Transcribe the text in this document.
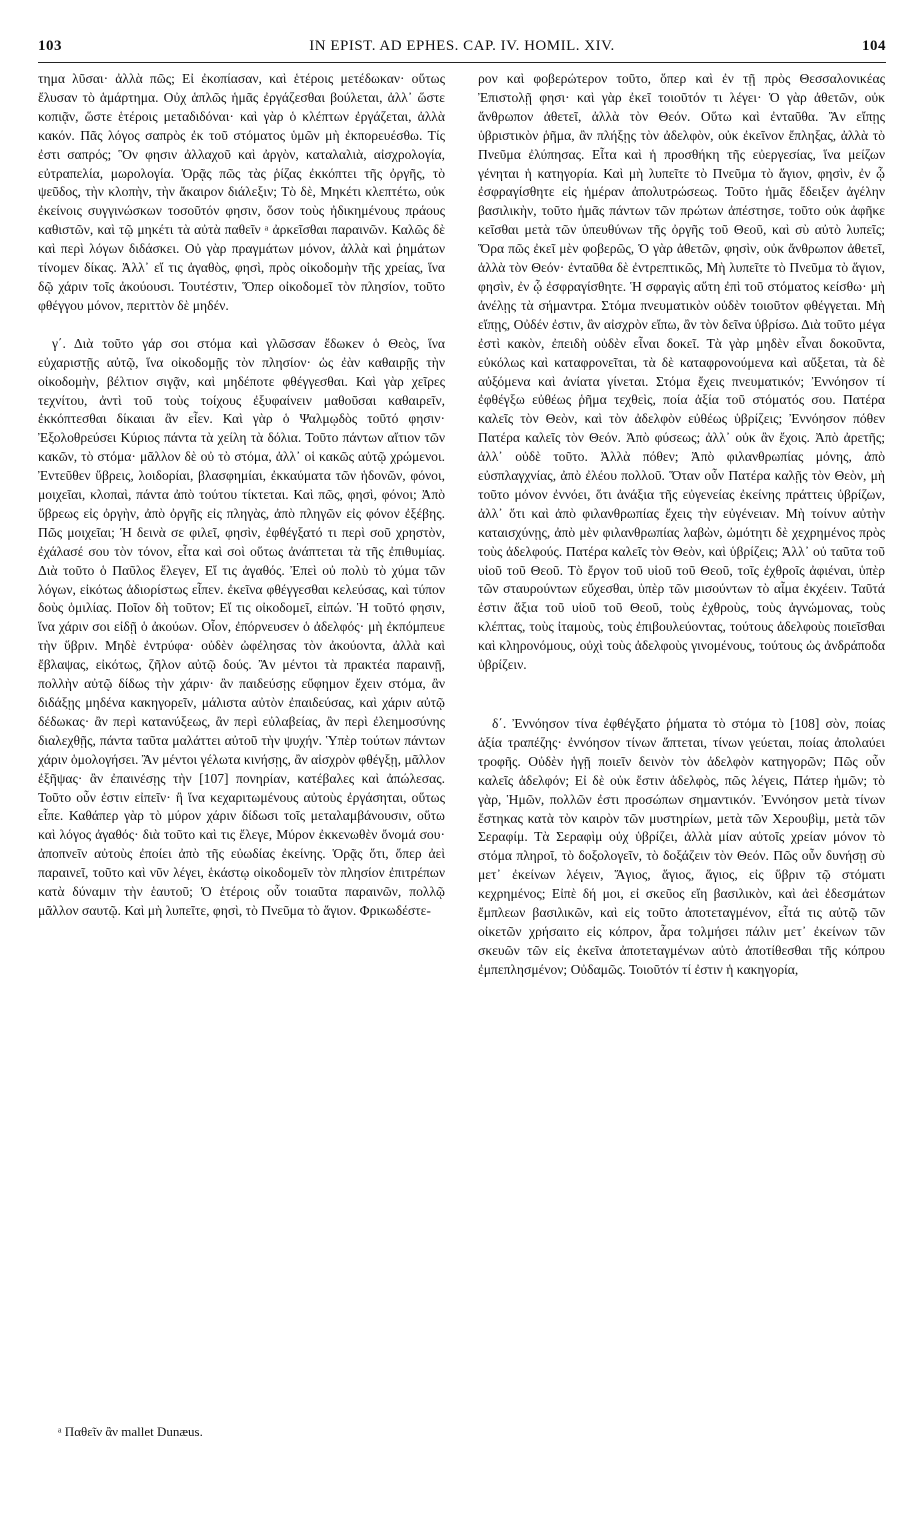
103	IN EPIST. AD EPHES. CAP. IV. HOMIL. XIV.	104

τημα λῦσαι· ἀλλὰ πῶς; Εἰ ἐκοπίασαν, καὶ ἑτέροις μετέδωκαν· οὕτως ἔλυσαν τὸ ἁμάρτημα. Οὐχ ἁπλῶς ἡμᾶς ἐργάζεσθαι βούλεται, ἀλλ᾽ ὥστε κοπιᾷν, ὥστε ἑτέροις μεταδιδόναι· καὶ γὰρ ὁ κλέπτων ἐργάζεται, ἀλλὰ κακόν. Πᾶς λόγος σαπρὸς ἐκ τοῦ στόματος ὑμῶν μὴ ἐκπορευέσθω. Τίς ἐστι σαπρός; Ὃν φησιν ἀλλαχοῦ καὶ ἀργὸν, καταλαλιὰ, αἰσχρολογία, εὐτραπελία, μωρολογία. Ὁρᾷς πῶς τὰς ῥίζας ἐκκόπτει τῆς ὀργῆς, τὸ ψεῦδος, τὴν κλοπὴν, τὴν ἄκαιρον διάλεξιν; Τὸ δὲ, Μηκέτι κλεπτέτω, οὐκ ἐκείνοις συγγινώσκων τοσοῦτόν φησιν, ὅσον τοὺς ἠδικημένους πράους καθιστῶν, καὶ τῷ μηκέτι τὰ αὐτὰ παθεῖν ᵃ ἀρκεῖσθαι παραινῶν. Καλῶς δὲ καὶ περὶ λόγων διδάσκει. Οὐ γὰρ πραγμάτων μόνον, ἀλλὰ καὶ ῥημάτων τίνομεν δίκας. Ἀλλ᾽ εἴ τις ἀγαθὸς, φησὶ, πρὸς οἰκοδομὴν τῆς χρείας, ἵνα δῷ χάριν τοῖς ἀκούουσι. Τουτέστιν, Ὅπερ οἰκοδομεῖ τὸν πλησίον, τοῦτο φθέγγου μόνον, περιττὸν δὲ μηδέν.

γ΄. Διὰ τοῦτο γάρ σοι στόμα καὶ γλῶσσαν ἔδωκεν ὁ Θεὸς, ἵνα εὐχαριστῇς αὐτῷ, ἵνα οἰκοδομῇς τὸν πλησίον· ὡς ἐὰν καθαιρῇς τὴν οἰκοδομὴν, βέλτιον σιγᾷν, καὶ μηδέποτε φθέγγεσθαι. Καὶ γὰρ χεῖρες τεχνίτου, ἀντὶ τοῦ τοὺς τοίχους ἐξυφαίνειν μαθοῦσαι καθαιρεῖν, ἐκκόπτεσθαι δίκαιαι ἂν εἶεν. Καὶ γὰρ ὁ Ψαλμῳδὸς τοῦτό φησιν· Ἐξολοθρεύσει Κύριος πάντα τὰ χείλη τὰ δόλια. Τοῦτο πάντων αἴτιον τῶν κακῶν, τὸ στόμα· μᾶλλον δὲ οὐ τὸ στόμα, ἀλλ᾽ οἱ κακῶς αὐτῷ χρώμενοι. Ἐντεῦθεν ὕβρεις, λοιδορίαι, βλασφημίαι, ἐκκαύματα τῶν ἡδονῶν, φόνοι, μοιχεῖαι, κλοπαὶ, πάντα ἀπὸ τούτου τίκτεται. Καὶ πῶς, φησὶ, φόνοι; Ἀπὸ ὕβρεως εἰς ὀργὴν, ἀπὸ ὀργῆς εἰς πληγὰς, ἀπὸ πληγῶν εἰς φόνον ἐξέβης. Πῶς μοιχεῖαι; Ἡ δεινὰ σε φιλεῖ, φησὶν, ἐφθέγξατό τι περὶ σοῦ χρηστὸν, ἐχάλασέ σου τὸν τόνον, εἶτα καὶ σοὶ οὕτως ἀνάπτεται τὰ τῆς ἐπιθυμίας. Διὰ τοῦτο ὁ Παῦλος ἔλεγεν, Εἴ τις ἀγαθός. Ἐπεὶ οὐ πολὺ τὸ χύμα τῶν λόγων, εἰκότως ἀδιορίστως εἶπεν. ἐκεῖνα φθέγγεσθαι κελεύσας, καὶ τύπον δοὺς ὁμιλίας. Ποῖον δὴ τοῦτον; Εἴ τις οἰκοδομεῖ, εἰπών. Ἡ τοῦτό φησιν, ἵνα χάριν σοι εἰδῇ ὁ ἀκούων. Οἷον, ἐπόρνευσεν ὁ ἀδελφός· μὴ ἐκπόμπευε τὴν ὕβριν. Μηδὲ ἐντρύφα· οὐδὲν ὠφέλησας τὸν ἀκούοντα, ἀλλὰ καὶ ἔβλαψας, εἰκότως, ζῆλον αὐτῷ δούς. Ἂν μέντοι τὰ πρακτέα παραινῇ, πολλὴν αὐτῷ δίδως τὴν χάριν· ἂν παιδεύσῃς εὔφημον ἔχειν στόμα, ἂν διδάξῃς μηδένα κακηγορεῖν, μάλιστα αὐτὸν ἐπαιδεύσας, καὶ χάριν αὐτῷ δέδωκας· ἂν περὶ κατανύξεως, ἂν περὶ εὐλαβείας, ἂν περὶ ἐλεημοσύνης διαλεχθῇς, πάντα ταῦτα μαλάττει αὐτοῦ τὴν ψυχήν. Ὑπὲρ τούτων πάντων χάριν ὁμολογήσει. Ἂν μέντοι γέλωτα κινήσῃς, ἂν αἰσχρὸν φθέγξῃ, μᾶλλον ἐξῆψας· ἂν ἐπαινέσῃς τὴν [107] πονηρίαν, κατέβαλες καὶ ἀπώλεσας. Τοῦτο οὖν ἐστιν εἰπεῖν· ἢ ἵνα κεχαριτωμένους αὐτοὺς ἐργάσηται, οὕτως εἶπε. Καθάπερ γὰρ τὸ μύρον χάριν δίδωσι τοῖς μεταλαμβάνουσιν, οὕτω καὶ λόγος ἀγαθός· διὰ τοῦτο καὶ τις ἔλεγε, Μύρον ἐκκενωθὲν ὄνομά σου· ἀποπνεῖν αὐτοὺς ἐποίει ἀπὸ τῆς εὐωδίας ἐκείνης. Ὁρᾷς ὅτι, ὅπερ ἀεὶ παραινεῖ, τοῦτο καὶ νῦν λέγει, ἑκάστῳ οἰκοδομεῖν τὸν πλησίον ἐπιτρέπων κατὰ δύναμιν τὴν ἑαυτοῦ; Ὁ ἑτέροις οὖν τοιαῦτα παραινῶν, πολλῷ μᾶλλον σαυτῷ. Καὶ μὴ λυπεῖτε, φησὶ, τὸ Πνεῦμα τὸ ἅγιον. Φρικωδέστε-

ρον καὶ φοβερώτερον τοῦτο, ὅπερ καὶ ἐν τῇ πρὸς Θεσσαλονικέας Ἐπιστολῇ φησι· καὶ γὰρ ἐκεῖ τοιοῦτόν τι λέγει· Ὁ γὰρ ἀθετῶν, οὐκ ἄνθρωπον ἀθετεῖ, ἀλλὰ τὸν Θεόν. Οὕτω καὶ ἐνταῦθα. Ἂν εἴπῃς ὑβριστικὸν ῥῆμα, ἂν πλήξῃς τὸν ἀδελφὸν, οὐκ ἐκεῖνον ἔπληξας, ἀλλὰ τὸ Πνεῦμα ἐλύπησας. Εἶτα καὶ ἡ προσθήκη τῆς εὐεργεσίας, ἵνα μείζων γένηται ἡ κατηγορία. Καὶ μὴ λυπεῖτε τὸ Πνεῦμα τὸ ἅγιον, φησὶν, ἐν ᾧ ἐσφραγίσθητε εἰς ἡμέραν ἀπολυτρώσεως. Τοῦτο ἡμᾶς ἔδειξεν ἀγέλην βασιλικὴν, τοῦτο ἡμᾶς πάντων τῶν πρώτων ἀπέστησε, τοῦτο οὐκ ἀφῆκε κεῖσθαι μετὰ τῶν ὑπευθύνων τῆς ὀργῆς τοῦ Θεοῦ, καὶ σὺ αὐτὸ λυπεῖς; Ὅρα πῶς ἐκεῖ μὲν φοβερῶς, Ὁ γὰρ ἀθετῶν, φησὶν, οὐκ ἄνθρωπον ἀθετεῖ, ἀλλὰ τὸν Θεόν· ἐνταῦθα δὲ ἐντρεπτικῶς, Μὴ λυπεῖτε τὸ Πνεῦμα τὸ ἅγιον, φησὶν, ἐν ᾧ ἐσφραγίσθητε. Ἡ σφραγὶς αὕτη ἐπὶ τοῦ στόματος κείσθω· μὴ ἀνέλῃς τὰ σήμαντρα. Στόμα πνευματικὸν οὐδὲν τοιοῦτον φθέγγεται. Μὴ εἴπῃς, Οὐδέν ἐστιν, ἂν αἰσχρὸν εἴπω, ἂν τὸν δεῖνα ὑβρίσω. Διὰ τοῦτο μέγα ἐστὶ κακὸν, ἐπειδὴ οὐδὲν εἶναι δοκεῖ. Τὰ γὰρ μηδὲν εἶναι δοκοῦντα, εὐκόλως καὶ καταφρονεῖται, τὰ δὲ καταφρονούμενα καὶ αὔξεται, τὰ δὲ αὐξόμενα καὶ ἀνίατα γίνεται. Στόμα ἔχεις πνευματικόν; Ἐννόησον τί ἐφθέγξω εὐθέως ῥῆμα τεχθεὶς, ποία ἀξία τοῦ στόματός σου. Πατέρα καλεῖς τὸν Θεὸν, καὶ τὸν ἀδελφὸν εὐθέως ὑβρίζεις; Ἐννόησον πόθεν Πατέρα καλεῖς τὸν Θεόν. Ἀπὸ φύσεως; ἀλλ᾽ οὐκ ἂν ἔχοις. Ἀπὸ ἀρετῆς; ἀλλ᾽ οὐδὲ τοῦτο. Ἀλλὰ πόθεν; Ἀπὸ φιλανθρωπίας μόνης, ἀπὸ εὐσπλαγχνίας, ἀπὸ ἐλέου πολλοῦ. Ὅταν οὖν Πατέρα καλῇς τὸν Θεὸν, μὴ τοῦτο μόνον ἐννόει, ὅτι ἀνάξια τῆς εὐγενείας ἐκείνης πράττεις ὑβρίζων, ἀλλ᾽ ὅτι καὶ ἀπὸ φιλανθρωπίας ἔχεις τὴν εὐγένειαν. Μὴ τοίνυν αὐτὴν καταισχύνῃς, ἀπὸ μὲν φιλανθρωπίας λαβὼν, ὠμότητι δὲ χεχρημένος πρὸς τοὺς ἀδελφούς. Πατέρα καλεῖς τὸν Θεὸν, καὶ ὑβρίζεις; Ἀλλ᾽ οὐ ταῦτα τοῦ υἱοῦ τοῦ Θεοῦ. Τὸ ἔργον τοῦ υἱοῦ τοῦ Θεοῦ, τοῖς ἐχθροῖς ἀφιέναι, ὑπὲρ τῶν σταυρούντων εὔχεσθαι, ὑπὲρ τῶν μισούντων τὸ αἷμα ἐκχέειν. Ταῦτά ἐστιν ἄξια τοῦ υἱοῦ τοῦ Θεοῦ, τοὺς ἐχθροὺς, τοὺς ἀγνώμονας, τοὺς κλέπτας, τοὺς ἰταμοὺς, τοὺς ἐπιβουλεύοντας, τούτους ἀδελφοὺς ποιεῖσθαι καὶ κληρονόμους, οὐχὶ τοὺς ἀδελφοὺς γινομένους, τούτους ὡς ἀνδράποδα ὑβρίζειν.

δ΄. Ἐννόησον τίνα ἐφθέγξατο ῥήματα τὸ στόμα τὸ [108] σὸν, ποίας ἀξία τραπέζης· ἐννόησον τίνων ἅπτεται, τίνων γεύεται, ποίας ἀπολαύει τροφῆς. Οὐδὲν ἡγῇ ποιεῖν δεινὸν τὸν ἀδελφὸν κατηγορῶν; Πῶς οὖν καλεῖς ἀδελφόν; Εἰ δὲ οὐκ ἔστιν ἀδελφὸς, πῶς λέγεις, Πάτερ ἡμῶν; τὸ γὰρ, Ἡμῶν, πολλῶν ἐστι προσώπων σημαντικόν. Ἐννόησον μετὰ τίνων ἕστηκας κατὰ τὸν καιρὸν τῶν μυστηρίων, μετὰ τῶν Χερουβὶμ, μετὰ τῶν Σεραφίμ. Τὰ Σεραφὶμ οὐχ ὑβρίζει, ἀλλὰ μίαν αὐτοῖς χρείαν μόνον τὸ στόμα πληροῖ, τὸ δοξολογεῖν, τὸ δοξάζειν τὸν Θεόν. Πῶς οὖν δυνήσῃ σὺ μετ᾽ ἐκείνων λέγειν, Ἅγιος, ἅγιος, ἅγιος, εἰς ὕβριν τῷ στόματι κεχρημένος; Εἰπὲ δή μοι, εἰ σκεῦος εἴη βασιλικὸν, καὶ ἀεὶ ἐδεσμάτων ἔμπλεων βασιλικῶν, καὶ εἰς τοῦτο ἀποτεταγμένον, εἶτά τις αὐτῷ τῶν οἰκετῶν χρήσαιτο εἰς κόπρον, ἆρα τολμήσει πάλιν μετ᾽ ἐκείνων τῶν σκευῶν τῶν εἰς ἐκεῖνα ἀποτεταγμένων αὐτὸ ἀποτίθεσθαι τῆς κόπρου ἐμπεπλησμένον; Οὐδαμῶς. Τοιοῦτόν τί ἐστιν ἡ κακηγορία,

ᵃ Παθεῖν ἂν mallet Dunæus.
